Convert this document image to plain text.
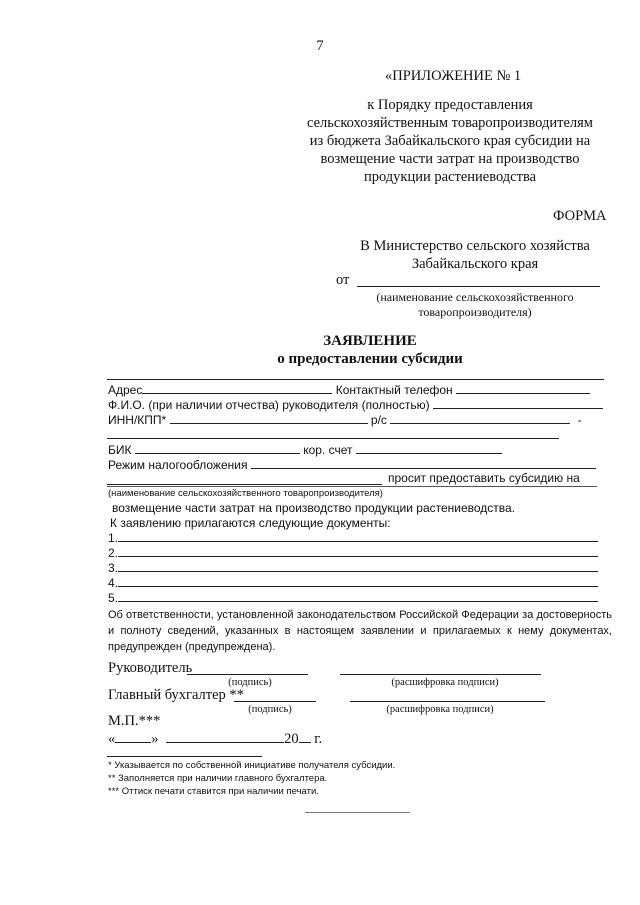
7
«ПРИЛОЖЕНИЕ № 1
к Порядку предоставления
сельскохозяйственным товаропроизводителям
из бюджета Забайкальского края субсидии на
возмещение части затрат на производство
продукции растениеводства
ФОРМА
В Министерство сельского хозяйства
Забайкальского края
от
(наименование сельскохозяйственного
товаропроизводителя)
ЗАЯВЛЕНИЕ
о предоставлении субсидии
Адрес	Контактный телефон
Ф.И.О. (при наличии отчества) руководителя (полностью)
ИНН/КПП*	р/с	-
БИК	кор. счет
Режим налогообложения
просит предоставить субсидию на
(наименование сельскохозяйственного товаропроизводителя)
возмещение части затрат на производство продукции растениеводства.
К заявлению прилагаются следующие документы:
1.
2.
3.
4.
5.
Об ответственности, установленной законодательством Российской Федерации за достоверность и полноту сведений, указанных в настоящем заявлении и прилагаемых к нему документах, предупрежден (предупреждена).
Руководитель
(подпись)	(расшифровка подписи)
Главный бухгалтер **
(подпись)	(расшифровка подписи)
М.П.***
« »	20 г.
* Указывается по собственной инициативе получателя субсидии.
** Заполняется при наличии главного бухгалтера.
*** Оттиск печати ставится при наличии печати.
